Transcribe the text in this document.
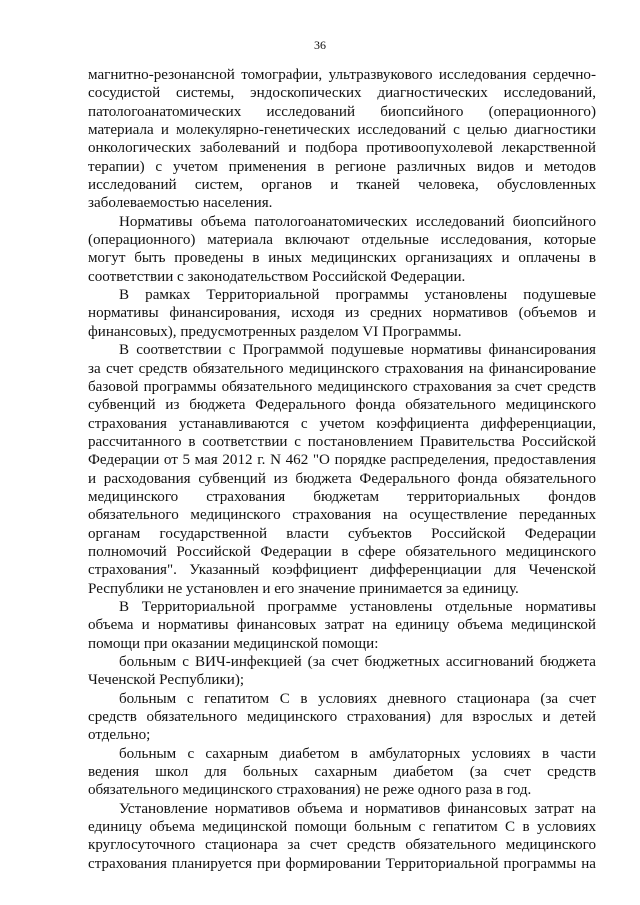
36
магнитно-резонансной томографии, ультразвукового исследования сердечно-
сосудистой системы, эндоскопических диагностических исследований,
патологоанатомических исследований биопсийного (операционного)
материала и молекулярно-генетических исследований с целью диагностики
онкологических заболеваний и подбора противоопухолевой лекарственной
терапии) с учетом применения в регионе различных видов и методов
исследований систем, органов и тканей человека, обусловленных
заболеваемостью населения.
Нормативы объема патологоанатомических исследований биопсийного
(операционного) материала включают отдельные исследования, которые
могут быть проведены в иных медицинских организациях и оплачены в
соответствии с законодательством Российской Федерации.
В рамках Территориальной программы установлены подушевые
нормативы финансирования, исходя из средних нормативов (объемов и
финансовых), предусмотренных разделом VI Программы.
В соответствии с Программой подушевые нормативы финансирования
за счет средств обязательного медицинского страхования на финансирование
базовой программы обязательного медицинского страхования за счет средств
субвенций из бюджета Федерального фонда обязательного медицинского
страхования устанавливаются с учетом коэффициента дифференциации,
рассчитанного в соответствии с постановлением Правительства Российской
Федерации от 5 мая 2012 г. N 462 "О порядке распределения, предоставления
и расходования субвенций из бюджета Федерального фонда обязательного
медицинского страхования бюджетам территориальных фондов
обязательного медицинского страхования на осуществление переданных
органам государственной власти субъектов Российской Федерации
полномочий Российской Федерации в сфере обязательного медицинского
страхования". Указанный коэффициент дифференциации для Чеченской
Республики не установлен и его значение принимается за единицу.
В Территориальной программе установлены отдельные нормативы
объема и нормативы финансовых затрат на единицу объема медицинской
помощи при оказании медицинской помощи:
больным с ВИЧ-инфекцией (за счет бюджетных ассигнований бюджета
Чеченской Республики);
больным с гепатитом С в условиях дневного стационара (за счет
средств обязательного медицинского страхования) для взрослых и детей
отдельно;
больным с сахарным диабетом в амбулаторных условиях в части
ведения школ для больных сахарным диабетом (за счет средств
обязательного медицинского страхования) не реже одного раза в год.
Установление нормативов объема и нормативов финансовых затрат на
единицу объема медицинской помощи больным с гепатитом С в условиях
круглосуточного стационара за счет средств обязательного медицинского
страхования планируется при формировании Территориальной программы на
